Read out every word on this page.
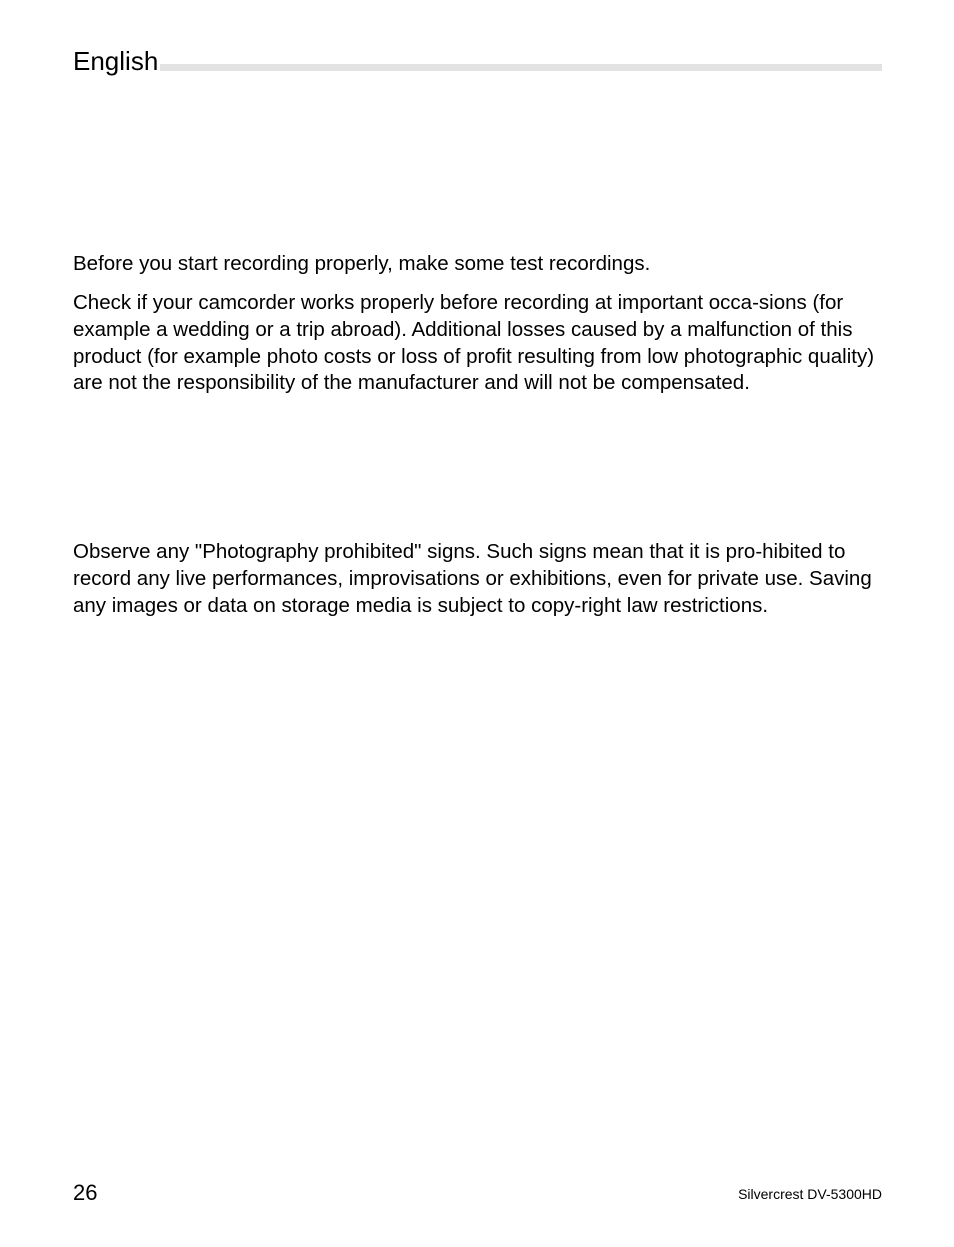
English

Before you start recording properly, make some test recordings.

Check if your camcorder works properly before recording at important occa-sions (for example a wedding or a trip abroad). Additional losses caused by a malfunction of this product (for example photo costs or loss of profit resulting from low photographic quality) are not the responsibility of the manufacturer and will not be compensated.

Observe any "Photography prohibited" signs. Such signs mean that it is pro-hibited to record any live performances, improvisations or exhibitions, even for private use. Saving any images or data on storage media is subject to copy-right law restrictions.

26	Silvercrest DV-5300HD
